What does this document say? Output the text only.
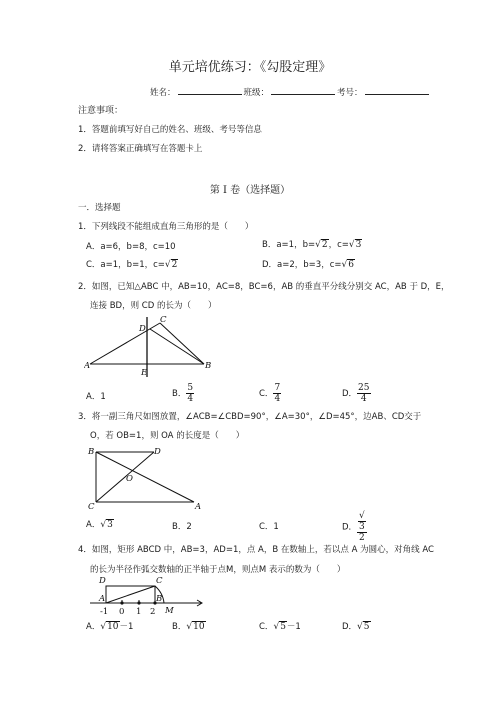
单元培优练习：《勾股定理》
姓名：	班级：	考号：
注意事项：
1．答题前填写好自己的姓名、班级、考号等信息
2．请将答案正确填写在答题卡上
第 I 卷（选择题）
一．选择题
1．下列线段不能组成直角三角形的是（　　）
A．a=6，b=8，c=10	B．a=1，b=√2，c=√3
C．a=1，b=1，c=√2	D．a=2，b=3，c=√6
2．如图，已知△ABC 中，AB=10，AC=8，BC=6，AB 的垂直平分线分别交 AC，AB 于 D，E，
连接 BD，则 CD 的长为（　　）
A	B
C
D
E
A．1	B． $\frac{5}{4}$	C． $\frac{7}{4}$	D． $\frac{25}{4}$
3．将一副三角尺如图放置，∠ACB=∠CBD=90°，∠A=30°，∠D=45°，边AB、CD交于
O，若 OB=1，则 OA 的长度是（　　）
B	D
C	A
O
A．√3	B．2	C．1	D． √
3
2
4．如图，矩形 ABCD 中，AB=3，AD=1，点 A，B 在数轴上，若以点 A 为圆心，对角线 AC
的长为半径作弧交数轴的正半轴于点M，则点M 表示的数为（　　）
D	C
A	B
M
-1 0 1 2
A．√10－1	B．√10	C．√5－1	D．√5
